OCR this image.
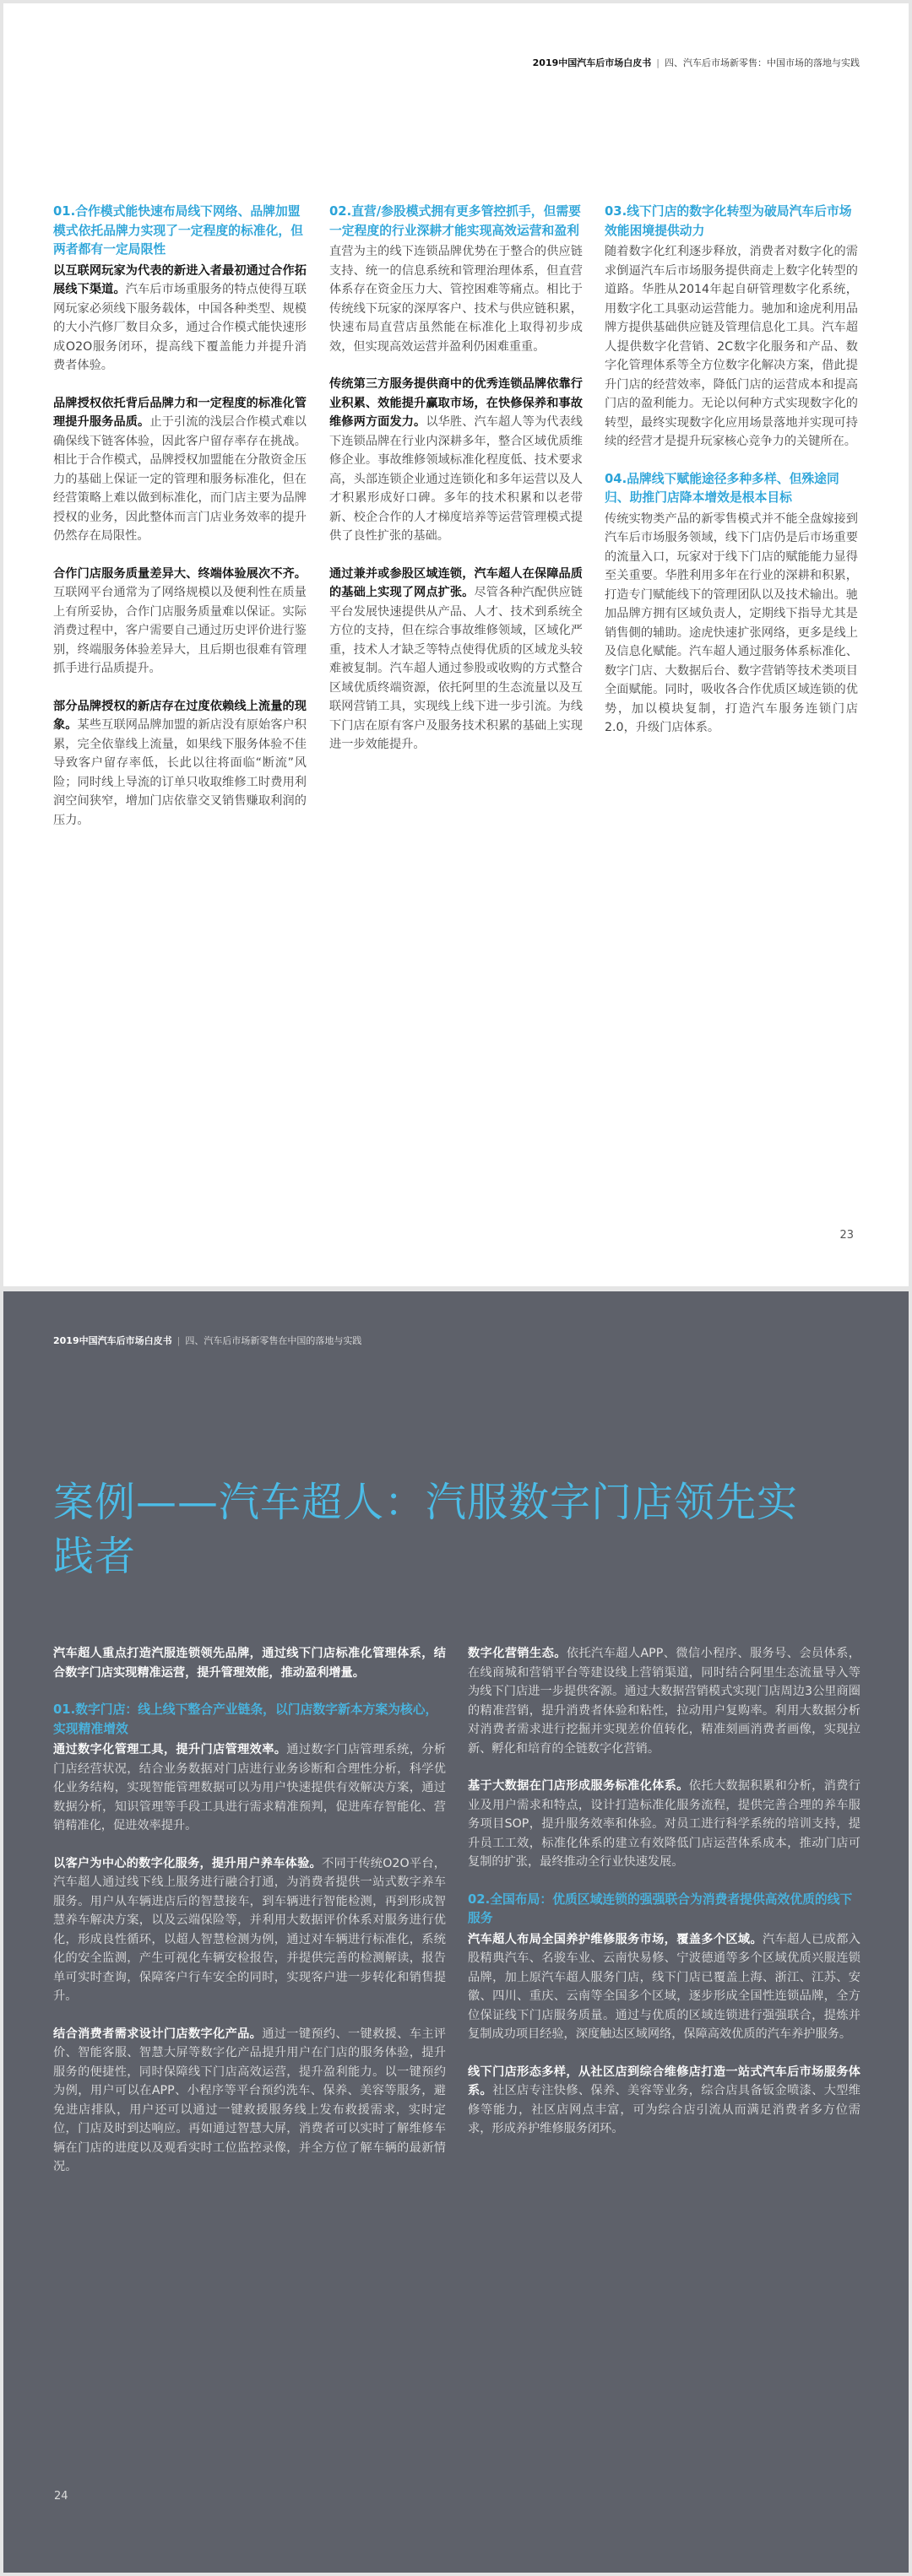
2019中国汽车后市场白皮书 | 四、汽车后市场新零售：中国市场的落地与实践
01.合作模式能快速布局线下网络、品牌加盟模式依托品牌力实现了一定程度的标准化，但两者都有一定局限性

以互联网玩家为代表的新进入者最初通过合作拓展线下渠道。汽车后市场重服务的特点使得互联网玩家必须线下服务载体，中国各种类型、规模的大小汽修厂数目众多，通过合作模式能快速形成O2O服务闭环，提高线下覆盖能力并提升消费者体验。

品牌授权依托背后品牌力和一定程度的标准化管理提升服务品质。止于引流的浅层合作模式难以确保线下链客体验，因此客户留存率存在挑战。相比于合作模式，品牌授权加盟能在分散资金压力的基础上保证一定的管理和服务标准化，但在经营策略上难以做到标准化，而门店主要为品牌授权的业务，因此整体而言门店业务效率的提升仍然存在局限性。

合作门店服务质量差异大、终端体验展次不齐。互联网平台通常为了网络规模以及便利性在质量上有所妥协，合作门店服务质量难以保证。实际消费过程中，客户需要自己通过历史评价进行鉴别，终端服务体验差异大，且后期也很难有管理抓手进行品质提升。

部分品牌授权的新店存在过度依赖线上流量的现象。某些互联网品牌加盟的新店没有原始客户积累，完全依靠线上流量，如果线下服务体验不佳导致客户留存率低，长此以往将面临“断流”风险；同时线上导流的订单只收取维修工时费用利润空间狭窄，增加门店依靠交叉销售赚取利润的压力。

02.直营/参股模式拥有更多管控抓手，但需要一定程度的行业深耕才能实现高效运营和盈利

直营为主的线下连锁品牌优势在于整合的供应链支持、统一的信息系统和管理治理体系，但直营体系存在资金压力大、管控困难等痛点。相比于传统线下玩家的深厚客户、技术与供应链积累，快速布局直营店虽然能在标准化上取得初步成效，但实现高效运营并盈利仍困难重重。

传统第三方服务提供商中的优秀连锁品牌依靠行业积累、效能提升赢取市场，在快修保养和事故维修两方面发力。以华胜、汽车超人等为代表线下连锁品牌在行业内深耕多年，整合区域优质维修企业。事故维修领域标准化程度低、技术要求高，头部连锁企业通过连锁化和多年运营以及人才积累形成好口碑。多年的技术积累和以老带新、校企合作的人才梯度培养等运营管理模式提供了良性扩张的基础。

通过兼并或参股区域连锁，汽车超人在保障品质的基础上实现了网点扩张。尽管各种汽配供应链平台发展快速提供从产品、人才、技术到系统全方位的支持，但在综合事故维修领域，区域化严重，技术人才缺乏等特点使得优质的区域龙头较难被复制。汽车超人通过参股或收购的方式整合区域优质终端资源，依托阿里的生态流量以及互联网营销工具，实现线上线下进一步引流。为线下门店在原有客户及服务技术积累的基础上实现进一步效能提升。

03.线下门店的数字化转型为破局汽车后市场效能困境提供动力

随着数字化红利逐步释放，消费者对数字化的需求倒逼汽车后市场服务提供商走上数字化转型的道路。华胜从2014年起自研管理数字化系统，用数字化工具驱动运营能力。驰加和途虎利用品牌方提供基础供应链及管理信息化工具。汽车超人提供数字化营销、2C数字化服务和产品、数字化管理体系等全方位数字化解决方案，借此提升门店的经营效率，降低门店的运营成本和提高门店的盈利能力。无论以何种方式实现数字化的转型，最终实现数字化应用场景落地并实现可持续的经营才是提升玩家核心竞争力的关键所在。

04.品牌线下赋能途径多种多样、但殊途同归、助推门店降本增效是根本目标

传统实物类产品的新零售模式并不能全盘嫁接到汽车后市场服务领域，线下门店仍是后市场重要的流量入口，玩家对于线下门店的赋能能力显得至关重要。华胜利用多年在行业的深耕和积累，打造专门赋能线下的管理团队以及技术输出。驰加品牌方拥有区域负责人，定期线下指导尤其是销售側的辅助。途虎快速扩张网络，更多是线上及信息化赋能。汽车超人通过服务体系标准化、数字门店、大数据后台、数字营销等技术类项目全面赋能。同时，吸收各合作优质区域连锁的优势，加以模块复制，打造汽车服务连锁门店2.0，升级门店体系。

23
2019中国汽车后市场白皮书 | 四、汽车后市场新零售在中国的落地与实践
案例——汽车超人：汽服数字门店领先实践者

汽车超人重点打造汽服连锁领先品牌，通过线下门店标准化管理体系，结合数字门店实现精准运营，提升管理效能，推动盈利增量。

01.数字门店：线上线下整合产业链条，以门店数字新本方案为核心，实现精准增效

通过数字化管理工具，提升门店管理效率。通过数字门店管理系统，分析门店经营状况，结合业务数据对门店进行业务诊断和合理性分析，科学优化业务结构，实现智能管理数据可以为用户快速提供有效解决方案，通过数据分析，知识管理等手段工具进行需求精准预判，促进库存智能化、营销精准化，促进效率提升。

以客户为中心的数字化服务，提升用户养车体验。不同于传统O2O平台，汽车超人通过线下线上服务进行融合打通，为消费者提供一站式数字养车服务。用户从车辆进店后的智慧接车，到车辆进行智能检测，再到形成智慧养车解决方案，以及云端保险等，并利用大数据评价体系对服务进行优化，形成良性循环，以超人智慧检测为例，通过对车辆进行标准化，系统化的安全监测，产生可视化车辆安检报告，并提供完善的检测解读，报告单可实时查询，保障客户行车安全的同时，实现客户进一步转化和销售提升。

结合消费者需求设计门店数字化产品。通过一键预约、一键救援、车主评价、智能客服、智慧大屏等数字化产品提升用户在门店的服务体验，提升服务的便捷性，同时保障线下门店高效运营，提升盈利能力。以一键预约为例，用户可以在APP、小程序等平台预约洗车、保养、美容等服务，避免进店排队，用户还可以通过一键救援服务线上发布救援需求，实时定位，门店及时到达响应。再如通过智慧大屏，消费者可以实时了解维修车辆在门店的进度以及观看实时工位监控录像，并全方位了解车辆的最新情况。

数字化营销生态。依托汽车超人APP、微信小程序、服务号、会员体系，在线商城和营销平台等建设线上营销渠道，同时结合阿里生态流量导入等为线下门店进一步提供客源。通过大数据营销模式实现门店周边3公里商圈的精准营销，提升消费者体验和粘性，拉动用户复购率。利用大数据分析对消费者需求进行挖掘并实现差价值转化，精准刻画消费者画像，实现拉新、孵化和培育的全链数字化营销。

基于大数据在门店形成服务标准化体系。依托大数据积累和分析，消费行业及用户需求和特点，设计打造标准化服务流程，提供完善合理的养车服务项目SOP，提升服务效率和体验。对员工进行科学系统的培训支持，提升员工工效，标准化体系的建立有效降低门店运营体系成本，推动门店可复制的扩张，最终推动全行业快速发展。

02.全国布局：优质区域连锁的强强联合为消费者提供高效优质的线下服务

汽车超人布局全国养护维修服务市场，覆盖多个区域。汽车超人已成都入股精典汽车、名骏车业、云南快易修、宁波德通等多个区域优质兴服连锁品牌，加上原汽车超人服务门店，线下门店已覆盖上海、浙江、江苏、安徽、四川、重庆、云南等全国多个区域，逐步形成全国性连锁品牌，全方位保证线下门店服务质量。通过与优质的区域连锁进行强强联合，提炼并复制成功项目经验，深度触达区域网络，保障高效优质的汽车养护服务。

线下门店形态多样，从社区店到综合维修店打造一站式汽车后市场服务体系。社区店专注快修、保养、美容等业务，综合店具备钣金喷漆、大型维修等能力，社区店网点丰富，可为综合店引流从而满足消费者多方位需求，形成养护维修服务闭环。

24
